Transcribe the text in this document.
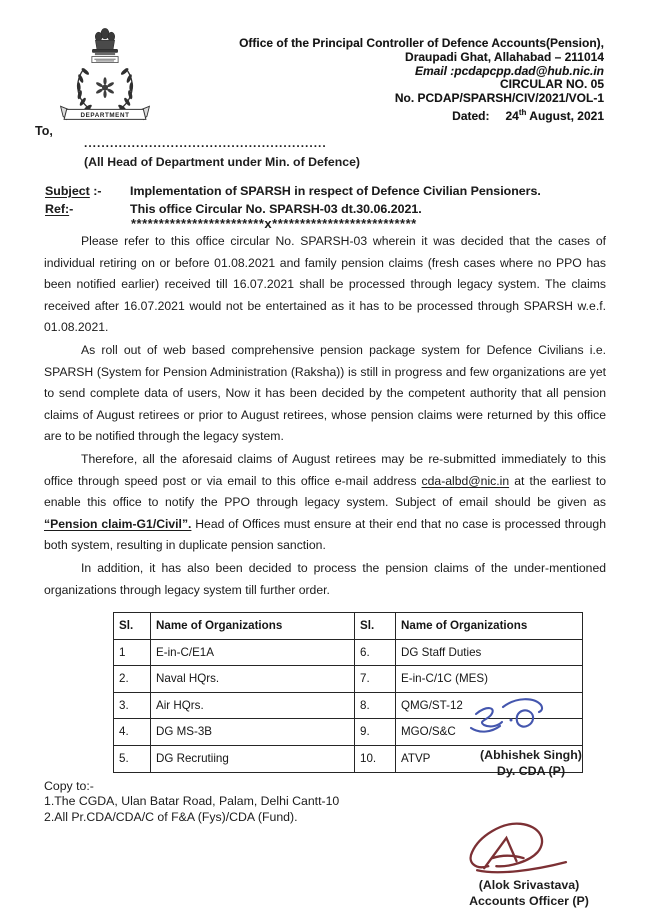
DEPARTMENT
Office of the Principal Controller of Defence Accounts(Pension),
Draupadi Ghat, Allahabad – 211014
Email :pcdapcpp.dad@hub.nic.in
CIRCULAR NO. 05
No. PCDAP/SPARSH/CIV/2021/VOL-1
Dated: 24th August, 2021
To,
........................................................
(All Head of Department under Min. of Defence)
Subject :- Implementation of SPARSH in respect of Defence Civilian Pensioners.
Ref:-	This office Circular No. SPARSH-03 dt.30.06.2021.
************************x**************************

Please refer to this office circular No. SPARSH-03 wherein it was decided that the cases of individual retiring on or before 01.08.2021 and family pension claims (fresh cases where no PPO has been notified earlier) received till 16.07.2021 shall be processed through legacy system. The claims received after 16.07.2021 would not be entertained as it has to be processed through SPARSH w.e.f. 01.08.2021.

As roll out of web based comprehensive pension package system for Defence Civilians i.e. SPARSH (System for Pension Administration (Raksha)) is still in progress and few organizations are yet to send complete data of users, Now it has been decided by the competent authority that all pension claims of August retirees or prior to August retirees, whose pension claims were returned by this office are to be notified through the legacy system.

Therefore, all the aforesaid claims of August retirees may be re-submitted immediately to this office through speed post or via email to this office e-mail address cda-albd@nic.in at the earliest to enable this office to notify the PPO through legacy system. Subject of email should be given as “Pension claim-G1/Civil”. Head of Offices must ensure at their end that no case is processed through both system, resulting in duplicate pension sanction.

In addition, it has also been decided to process the pension claims of the under-mentioned organizations through legacy system till further order.

Sl.	Name of Organizations	Sl.	Name of Organizations
1	E-in-C/E1A	6.	DG Staff Duties
2.	Naval HQrs.	7.	E-in-C/1C (MES)
3.	Air HQrs.	8.	QMG/ST-12
4.	DG MS-3B	9.	MGO/S&C
5.	DG Recrutiing	10.	ATVP	(Abhishek Singh)
Dy. CDA (P)
Copy to:-
1.The CGDA, Ulan Batar Road, Palam, Delhi Cantt-10
2.All Pr.CDA/CDA/C of F&A (Fys)/CDA (Fund).
(Alok Srivastava)
Accounts Officer (P)
